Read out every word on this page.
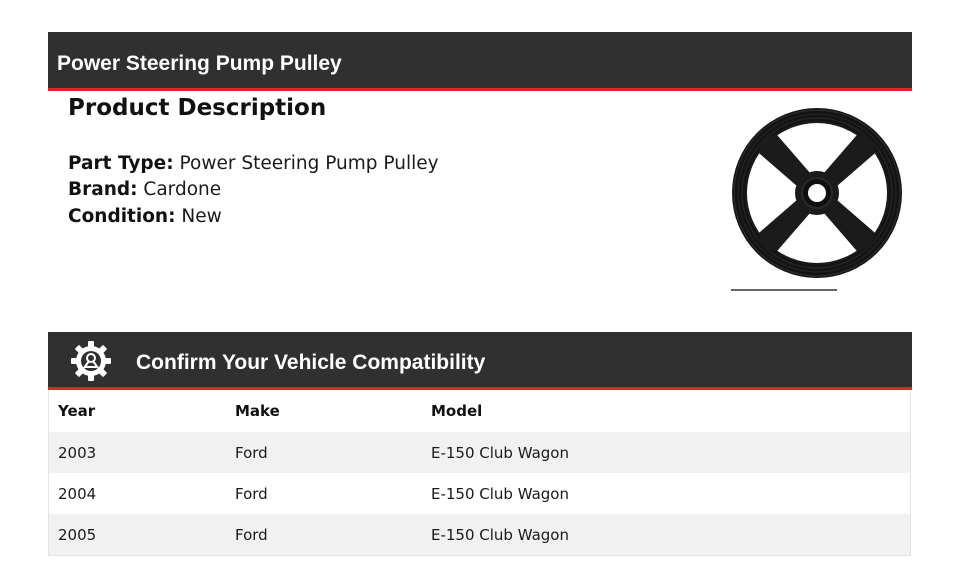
Power Steering Pump Pulley
Product Description
Part Type: Power Steering Pump Pulley
Brand: Cardone
Condition: New
Confirm Your Vehicle Compatibility
Year	Make	Model
2003	Ford	E-150 Club Wagon
2004	Ford	E-150 Club Wagon
2005	Ford	E-150 Club Wagon
